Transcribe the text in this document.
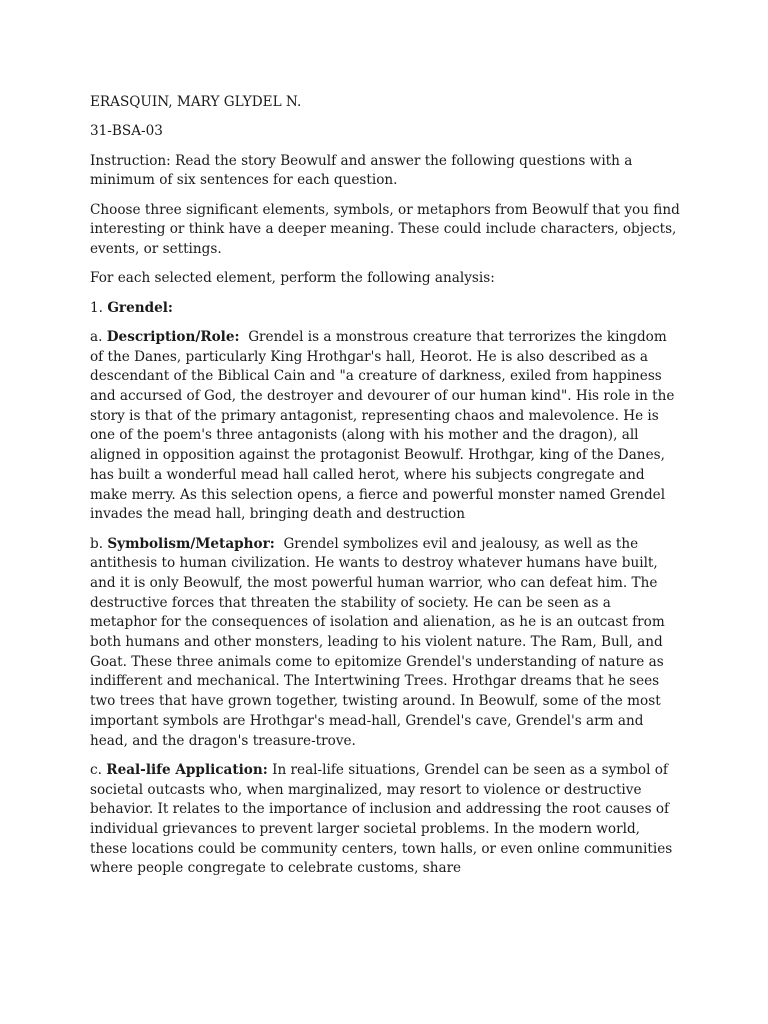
ERASQUIN, MARY GLYDEL N.

31-BSA-03

Instruction: Read the story Beowulf and answer the following questions with a minimum of six sentences for each question.

Choose three significant elements, symbols, or metaphors from Beowulf that you find interesting or think have a deeper meaning. These could include characters, objects, events, or settings.

For each selected element, perform the following analysis:

1. Grendel:

a. Description/Role: Grendel is a monstrous creature that terrorizes the kingdom of the Danes, particularly King Hrothgar's hall, Heorot. He is also described as a descendant of the Biblical Cain and "a creature of darkness, exiled from happiness and accursed of God, the destroyer and devourer of our human kind". His role in the story is that of the primary antagonist, representing chaos and malevolence. He is one of the poem's three antagonists (along with his mother and the dragon), all aligned in opposition against the protagonist Beowulf. Hrothgar, king of the Danes, has built a wonderful mead hall called herot, where his subjects congregate and make merry. As this selection opens, a fierce and powerful monster named Grendel invades the mead hall, bringing death and destruction

b. Symbolism/Metaphor: Grendel symbolizes evil and jealousy, as well as the antithesis to human civilization. He wants to destroy whatever humans have built, and it is only Beowulf, the most powerful human warrior, who can defeat him. The destructive forces that threaten the stability of society. He can be seen as a metaphor for the consequences of isolation and alienation, as he is an outcast from both humans and other monsters, leading to his violent nature. The Ram, Bull, and Goat. These three animals come to epitomize Grendel's understanding of nature as indifferent and mechanical. The Intertwining Trees. Hrothgar dreams that he sees two trees that have grown together, twisting around. In Beowulf, some of the most important symbols are Hrothgar's mead-hall, Grendel's cave, Grendel's arm and head, and the dragon's treasure-trove.

c. Real-life Application: In real-life situations, Grendel can be seen as a symbol of societal outcasts who, when marginalized, may resort to violence or destructive behavior. It relates to the importance of inclusion and addressing the root causes of individual grievances to prevent larger societal problems. In the modern world, these locations could be community centers, town halls, or even online communities where people congregate to celebrate customs, share
